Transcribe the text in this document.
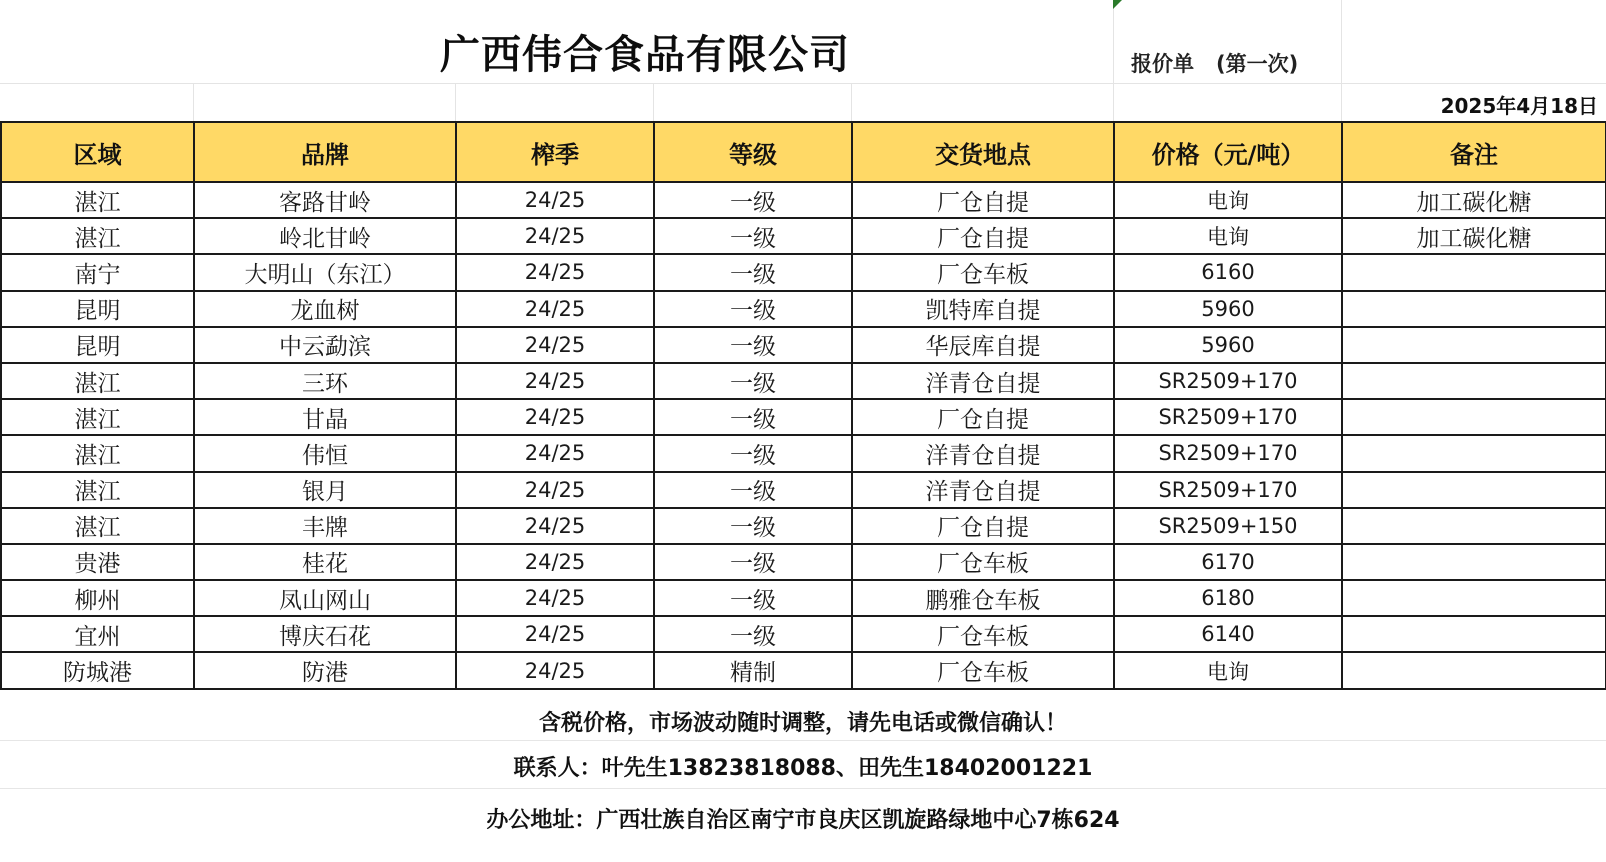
广西伟合食品有限公司	报价单 (第一次)
2025年4月18日
区域	品牌	榨季	等级	交货地点	价格（元/吨）	备注
湛江	客路甘岭	24/25	一级	厂仓自提	电询	加工碳化糖
湛江	岭北甘岭	24/25	一级	厂仓自提	电询	加工碳化糖
南宁	大明山（东江）	24/25	一级	厂仓车板	6160	
昆明	龙血树	24/25	一级	凯特库自提	5960	
昆明	中云勐滨	24/25	一级	华辰库自提	5960	
湛江	三环	24/25	一级	洋青仓自提	SR2509+170	
湛江	甘晶	24/25	一级	厂仓自提	SR2509+170	
湛江	伟恒	24/25	一级	洋青仓自提	SR2509+170	
湛江	银月	24/25	一级	洋青仓自提	SR2509+170	
湛江	丰牌	24/25	一级	厂仓自提	SR2509+150	
贵港	桂花	24/25	一级	厂仓车板	6170	
柳州	凤山网山	24/25	一级	鹏雅仓车板	6180	
宜州	博庆石花	24/25	一级	厂仓车板	6140	
防城港	防港	24/25	精制	厂仓车板	电询	
含税价格，市场波动随时调整，请先电话或微信确认！
联系人：叶先生13823818088、田先生18402001221
办公地址：广西壮族自治区南宁市良庆区凯旋路绿地中心7栋624
